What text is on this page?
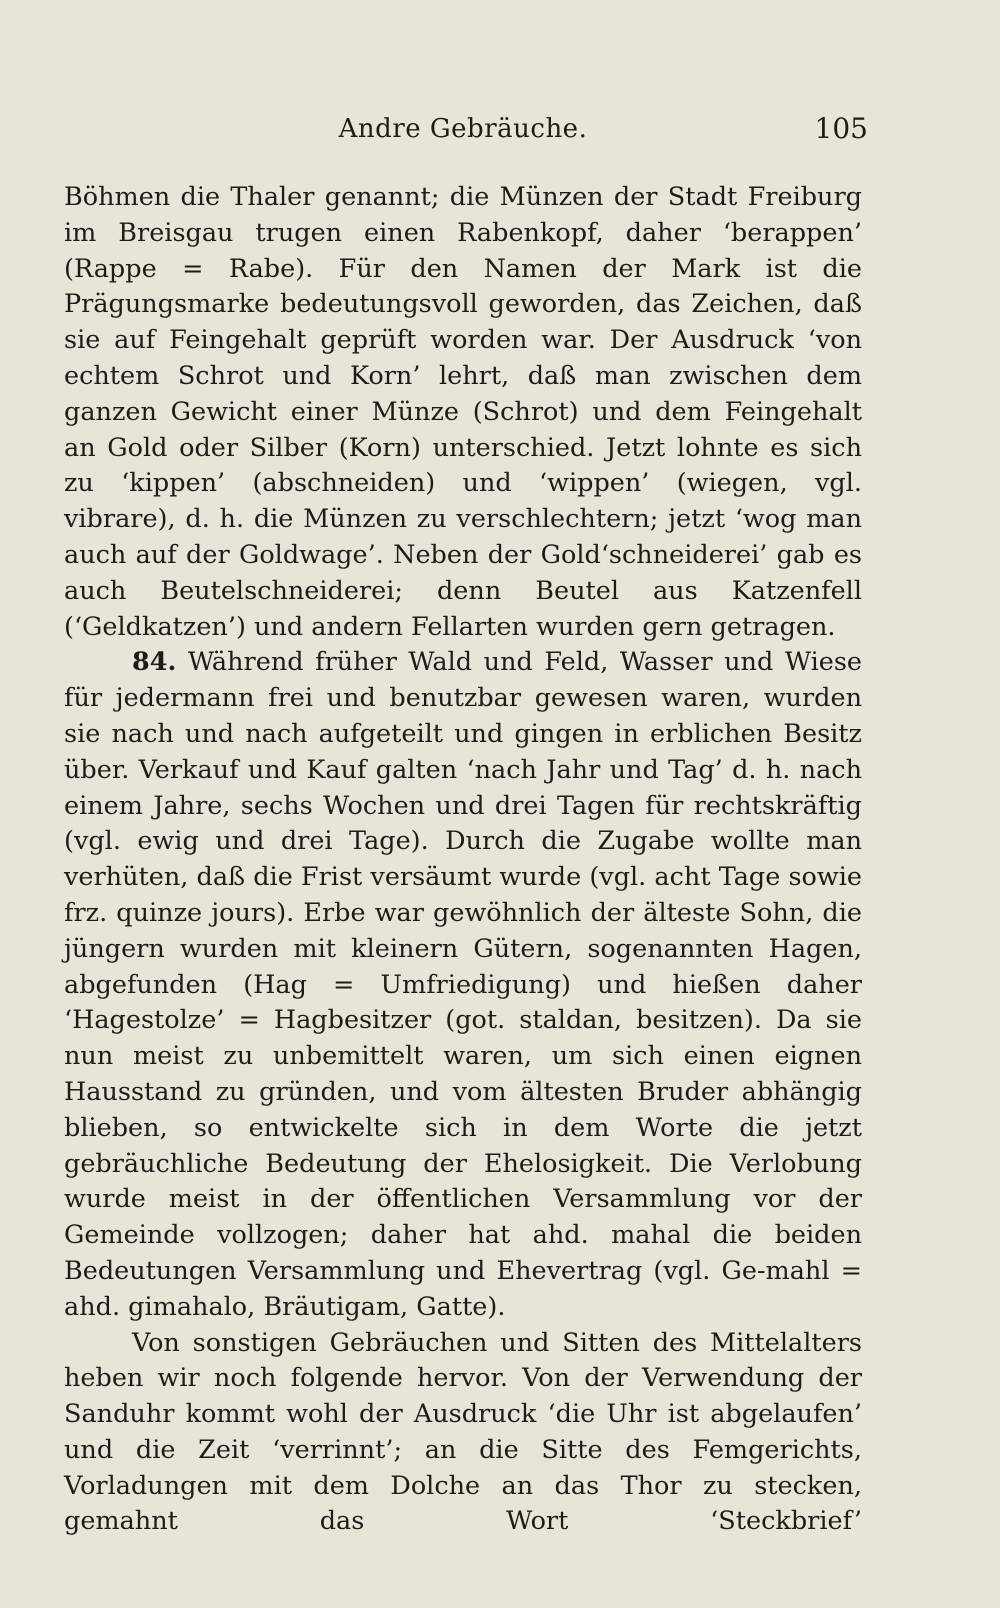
Andre Gebräuche.	105

Böhmen die Thaler genannt; die Münzen der Stadt Freiburg im Breisgau trugen einen Rabenkopf, daher ‘berappen’ (Rappe = Rabe). Für den Namen der Mark ist die Prägungsmarke bedeutungsvoll geworden, das Zeichen, daß sie auf Feingehalt geprüft worden war. Der Ausdruck ‘von echtem Schrot und Korn’ lehrt, daß man zwischen dem ganzen Gewicht einer Münze (Schrot) und dem Feingehalt an Gold oder Silber (Korn) unterschied. Jetzt lohnte es sich zu ‘kippen’ (abschneiden) und ‘wippen’ (wiegen, vgl. vibrare), d. h. die Münzen zu verschlechtern; jetzt ‘wog man auch auf der Goldwage’. Neben der Gold‘schneiderei’ gab es auch Beutelschneiderei; denn Beutel aus Katzenfell (‘Geldkatzen’) und andern Fellarten wurden gern getragen.

84. Während früher Wald und Feld, Wasser und Wiese für jedermann frei und benutzbar gewesen waren, wurden sie nach und nach aufgeteilt und gingen in erblichen Besitz über. Verkauf und Kauf galten ‘nach Jahr und Tag’ d. h. nach einem Jahre, sechs Wochen und drei Tagen für rechtskräftig (vgl. ewig und drei Tage). Durch die Zugabe wollte man verhüten, daß die Frist versäumt wurde (vgl. acht Tage sowie frz. quinze jours). Erbe war gewöhnlich der älteste Sohn, die jüngern wurden mit kleinern Gütern, sogenannten Hagen, abgefunden (Hag = Umfriedigung) und hießen daher ‘Hagestolze’ = Hagbesitzer (got. staldan, besitzen). Da sie nun meist zu unbemittelt waren, um sich einen eignen Hausstand zu gründen, und vom ältesten Bruder abhängig blieben, so entwickelte sich in dem Worte die jetzt gebräuchliche Bedeutung der Ehelosigkeit. Die Verlobung wurde meist in der öffentlichen Versammlung vor der Gemeinde vollzogen; daher hat ahd. mahal die beiden Bedeutungen Versammlung und Ehevertrag (vgl. Ge-mahl = ahd. gimahalo, Bräutigam, Gatte).

Von sonstigen Gebräuchen und Sitten des Mittelalters heben wir noch folgende hervor. Von der Verwendung der Sanduhr kommt wohl der Ausdruck ‘die Uhr ist abgelaufen’ und die Zeit ‘verrinnt’; an die Sitte des Femgerichts, Vorladungen mit dem Dolche an das Thor zu stecken, gemahnt das Wort ‘Steckbrief’
